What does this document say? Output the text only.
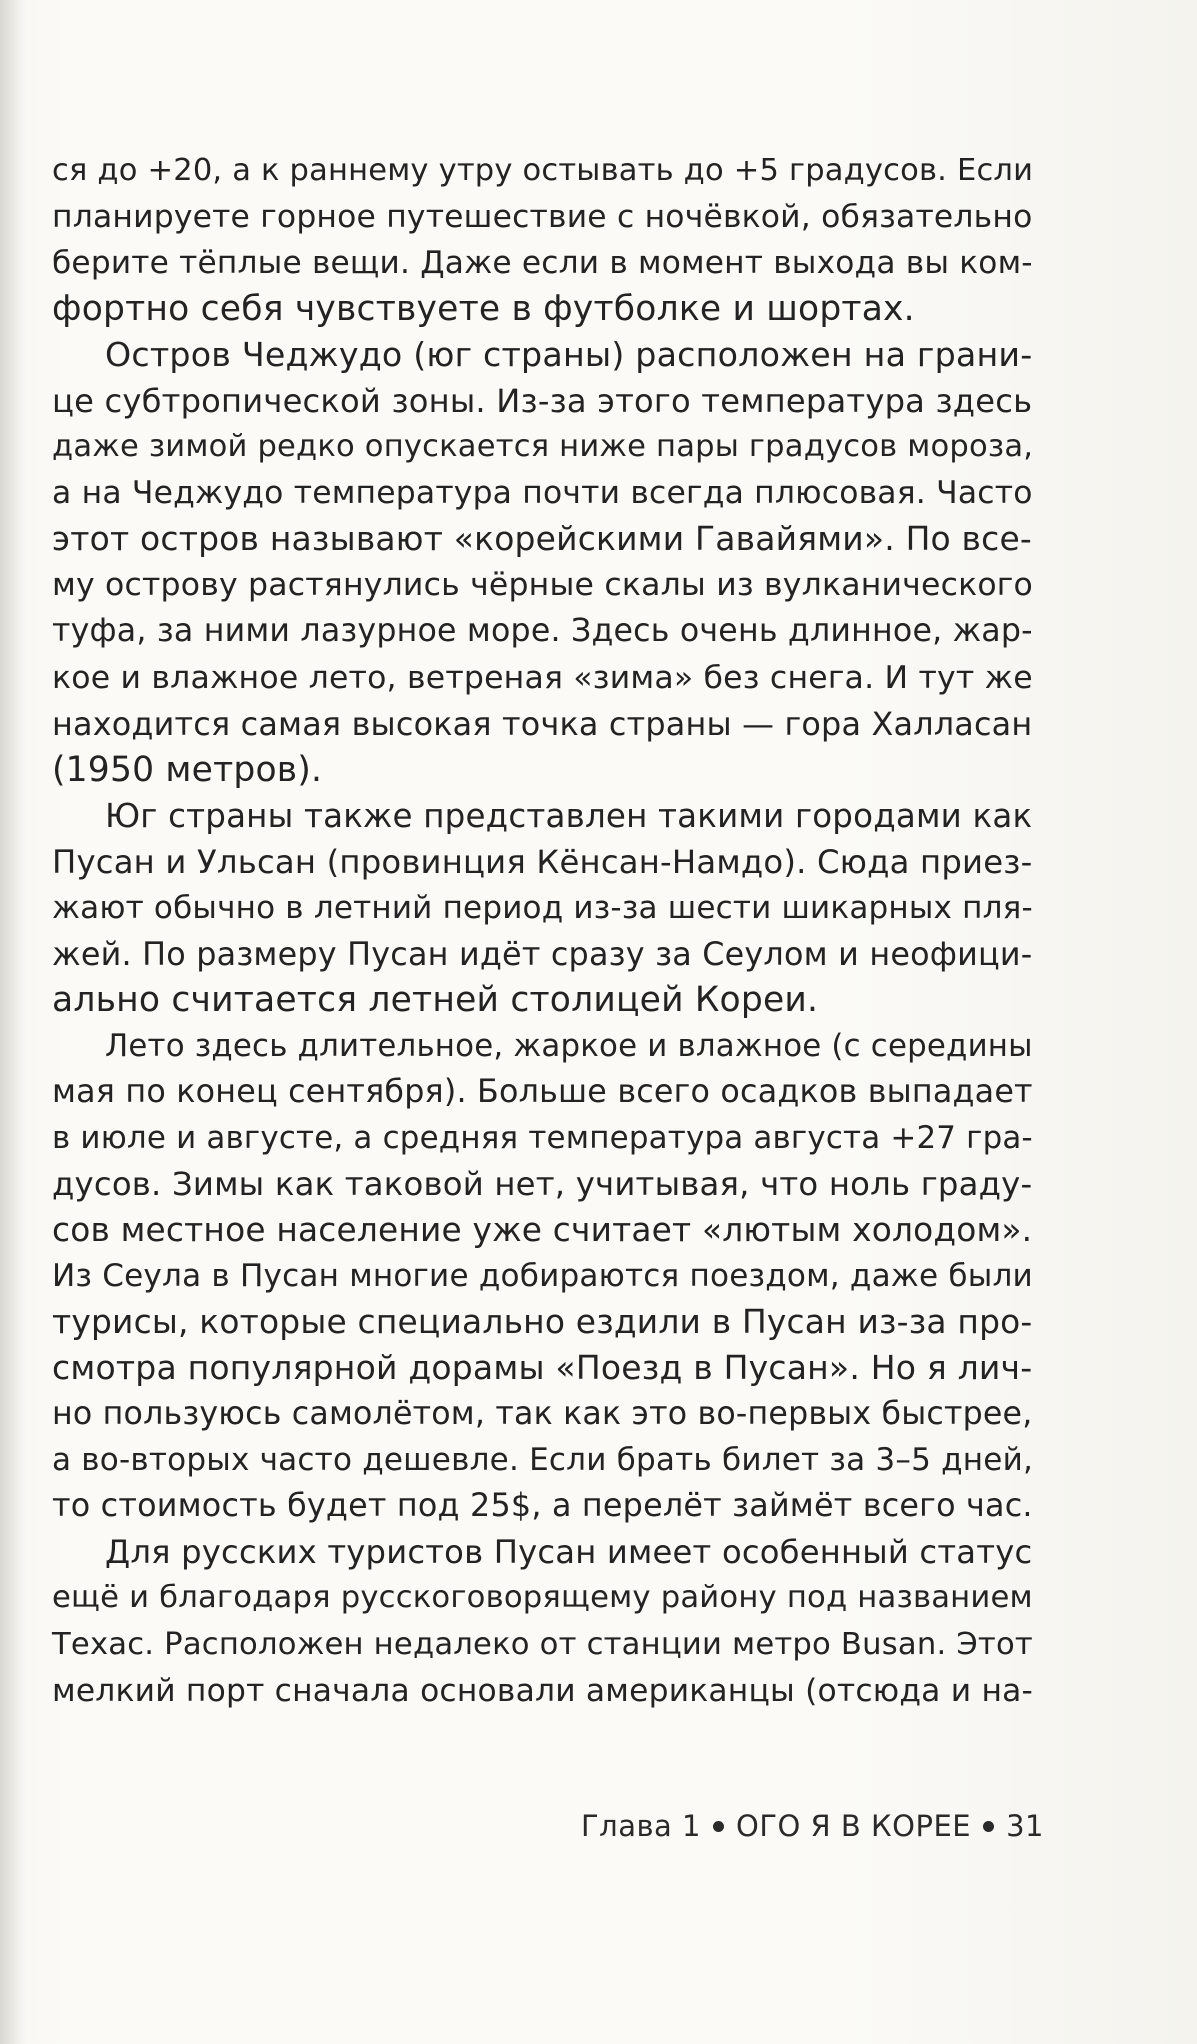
ся до +20, а к раннему утру остывать до +5 градусов. Если
планируете горное путешествие с ночёвкой, обязательно
берите тёплые вещи. Даже если в момент выхода вы ком-
фортно себя чувствуете в футболке и шортах.
Остров Чеджудо (юг страны) расположен на грани-
це субтропической зоны. Из-за этого температура здесь
даже зимой редко опускается ниже пары градусов мороза,
а на Чеджудо температура почти всегда плюсовая. Часто
этот остров называют «корейскими Гавайями». По все-
му острову растянулись чёрные скалы из вулканического
туфа, за ними лазурное море. Здесь очень длинное, жар-
кое и влажное лето, ветреная «зима» без снега. И тут же
находится самая высокая точка страны — гора Халласан
(1950 метров).
Юг страны также представлен такими городами как
Пусан и Ульсан (провинция Кёнсан-Намдо). Сюда приез-
жают обычно в летний период из-за шести шикарных пля-
жей. По размеру Пусан идёт сразу за Сеулом и неофици-
ально считается летней столицей Кореи.
Лето здесь длительное, жаркое и влажное (с середины
мая по конец сентября). Больше всего осадков выпадает
в июле и августе, а средняя температура августа +27 гра-
дусов. Зимы как таковой нет, учитывая, что ноль граду-
сов местное население уже считает «лютым холодом».
Из Сеула в Пусан многие добираются поездом, даже были
турисы, которые специально ездили в Пусан из-за про-
смотра популярной дорамы «Поезд в Пусан». Но я лич-
но пользуюсь самолётом, так как это во-первых быстрее,
а во-вторых часто дешевле. Если брать билет за 3–5 дней,
то стоимость будет под 25$, а перелёт займёт всего час.
Для русских туристов Пусан имеет особенный статус
ещё и благодаря русскоговорящему району под названием
Техас. Расположен недалеко от станции метро Busan. Этот
мелкий порт сначала основали американцы (отсюда и на-
Глава 1 ОГО Я В КОРЕЕ 31
